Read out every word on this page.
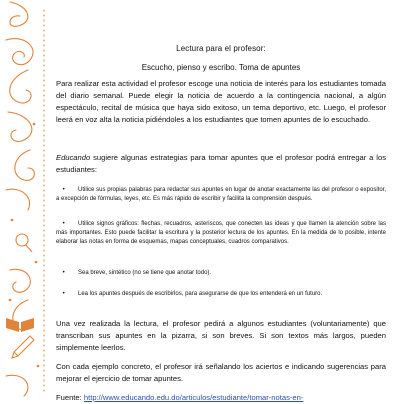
Lectura para el profesor:
Escucho, pienso y escribo. Toma de apuntes

Para realizar esta actividad el profesor escoge una noticia de interés para los estudiantes tomada del diario semanal. Puede elegir la noticia de acuerdo a la contingencia nacional, a algún espectáculo, recital de música que haya sido exitoso, un tema deportivo, etc. Luego, el profesor leerá en voz alta la noticia pidiéndoles a los estudiantes que tomen apuntes de lo escuchado.

Educando sugiere algunas estrategias para tomar apuntes que el profesor podrá entregar a los estudiantes:

• Utilice sus propias palabras para redactar sus apuntes en lugar de anotar exactamente las del profesor o expositor, a excepción de fórmulas, leyes, etc. Es más rápido de escribir y facilita la comprensión después.

• Utilice signos gráficos: flechas, recuadros, asteriscos, que conecten las ideas y que llamen la atención sobre las más importantes. Esto puede facilitar la escritura y la posterior lectura de los apuntes. En la medida de lo posible, intente elaborar las notas en forma de esquemas, mapas conceptuales, cuadros comparativos.

• Sea breve, sintético (no se tiene que anotar todo).

• Lea los apuntes después de escribirlos, para asegurarse de que los entenderá en un futuro.

Una vez realizada la lectura, el profesor pedirá a algunos estudiantes (voluntariamente) que transcriban sus apuntes en la pizarra, si son breves. Si son textos más largos, pueden simplemente leerlos.

Con cada ejemplo concreto, el profesor irá señalando los aciertos e indicando sugerencias para mejorar el ejercicio de tomar apuntes.

Fuente: http://www.educando.edu.do/articulos/estudiante/tomar-notas-en-
